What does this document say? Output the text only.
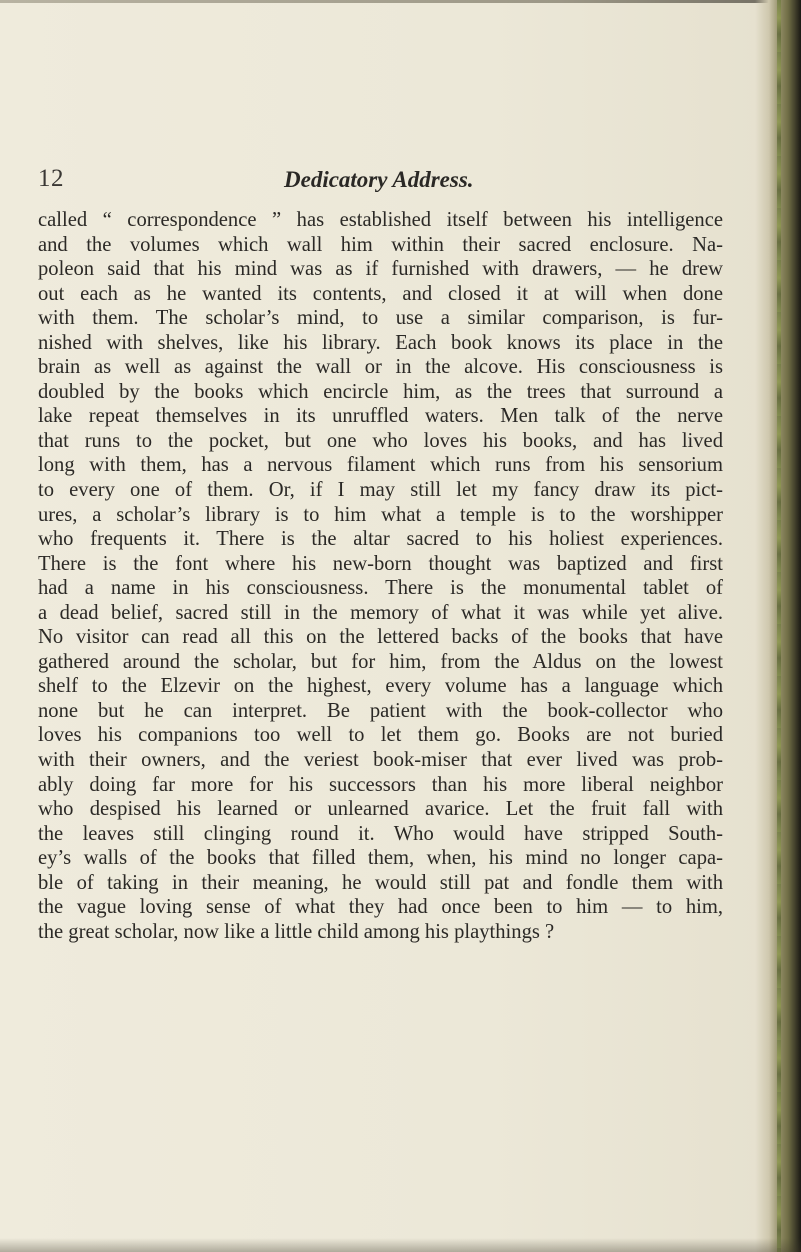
12	Dedicatory Address.
called “ correspondence ” has established itself between his intelligence
and the volumes which wall him within their sacred enclosure. Na-
poleon said that his mind was as if furnished with drawers, — he drew
out each as he wanted its contents, and closed it at will when done
with them. The scholar’s mind, to use a similar comparison, is fur-
nished with shelves, like his library. Each book knows its place in the
brain as well as against the wall or in the alcove. His consciousness is
doubled by the books which encircle him, as the trees that surround a
lake repeat themselves in its unruffled waters. Men talk of the nerve
that runs to the pocket, but one who loves his books, and has lived
long with them, has a nervous filament which runs from his sensorium
to every one of them. Or, if I may still let my fancy draw its pict-
ures, a scholar’s library is to him what a temple is to the worshipper
who frequents it. There is the altar sacred to his holiest experiences.
There is the font where his new-born thought was baptized and first
had a name in his consciousness. There is the monumental tablet of
a dead belief, sacred still in the memory of what it was while yet alive.
No visitor can read all this on the lettered backs of the books that have
gathered around the scholar, but for him, from the Aldus on the lowest
shelf to the Elzevir on the highest, every volume has a language which
none but he can interpret. Be patient with the book-collector who
loves his companions too well to let them go. Books are not buried
with their owners, and the veriest book-miser that ever lived was prob-
ably doing far more for his successors than his more liberal neighbor
who despised his learned or unlearned avarice. Let the fruit fall with
the leaves still clinging round it. Who would have stripped South-
ey’s walls of the books that filled them, when, his mind no longer capa-
ble of taking in their meaning, he would still pat and fondle them with
the vague loving sense of what they had once been to him — to him,
the great scholar, now like a little child among his playthings ?
